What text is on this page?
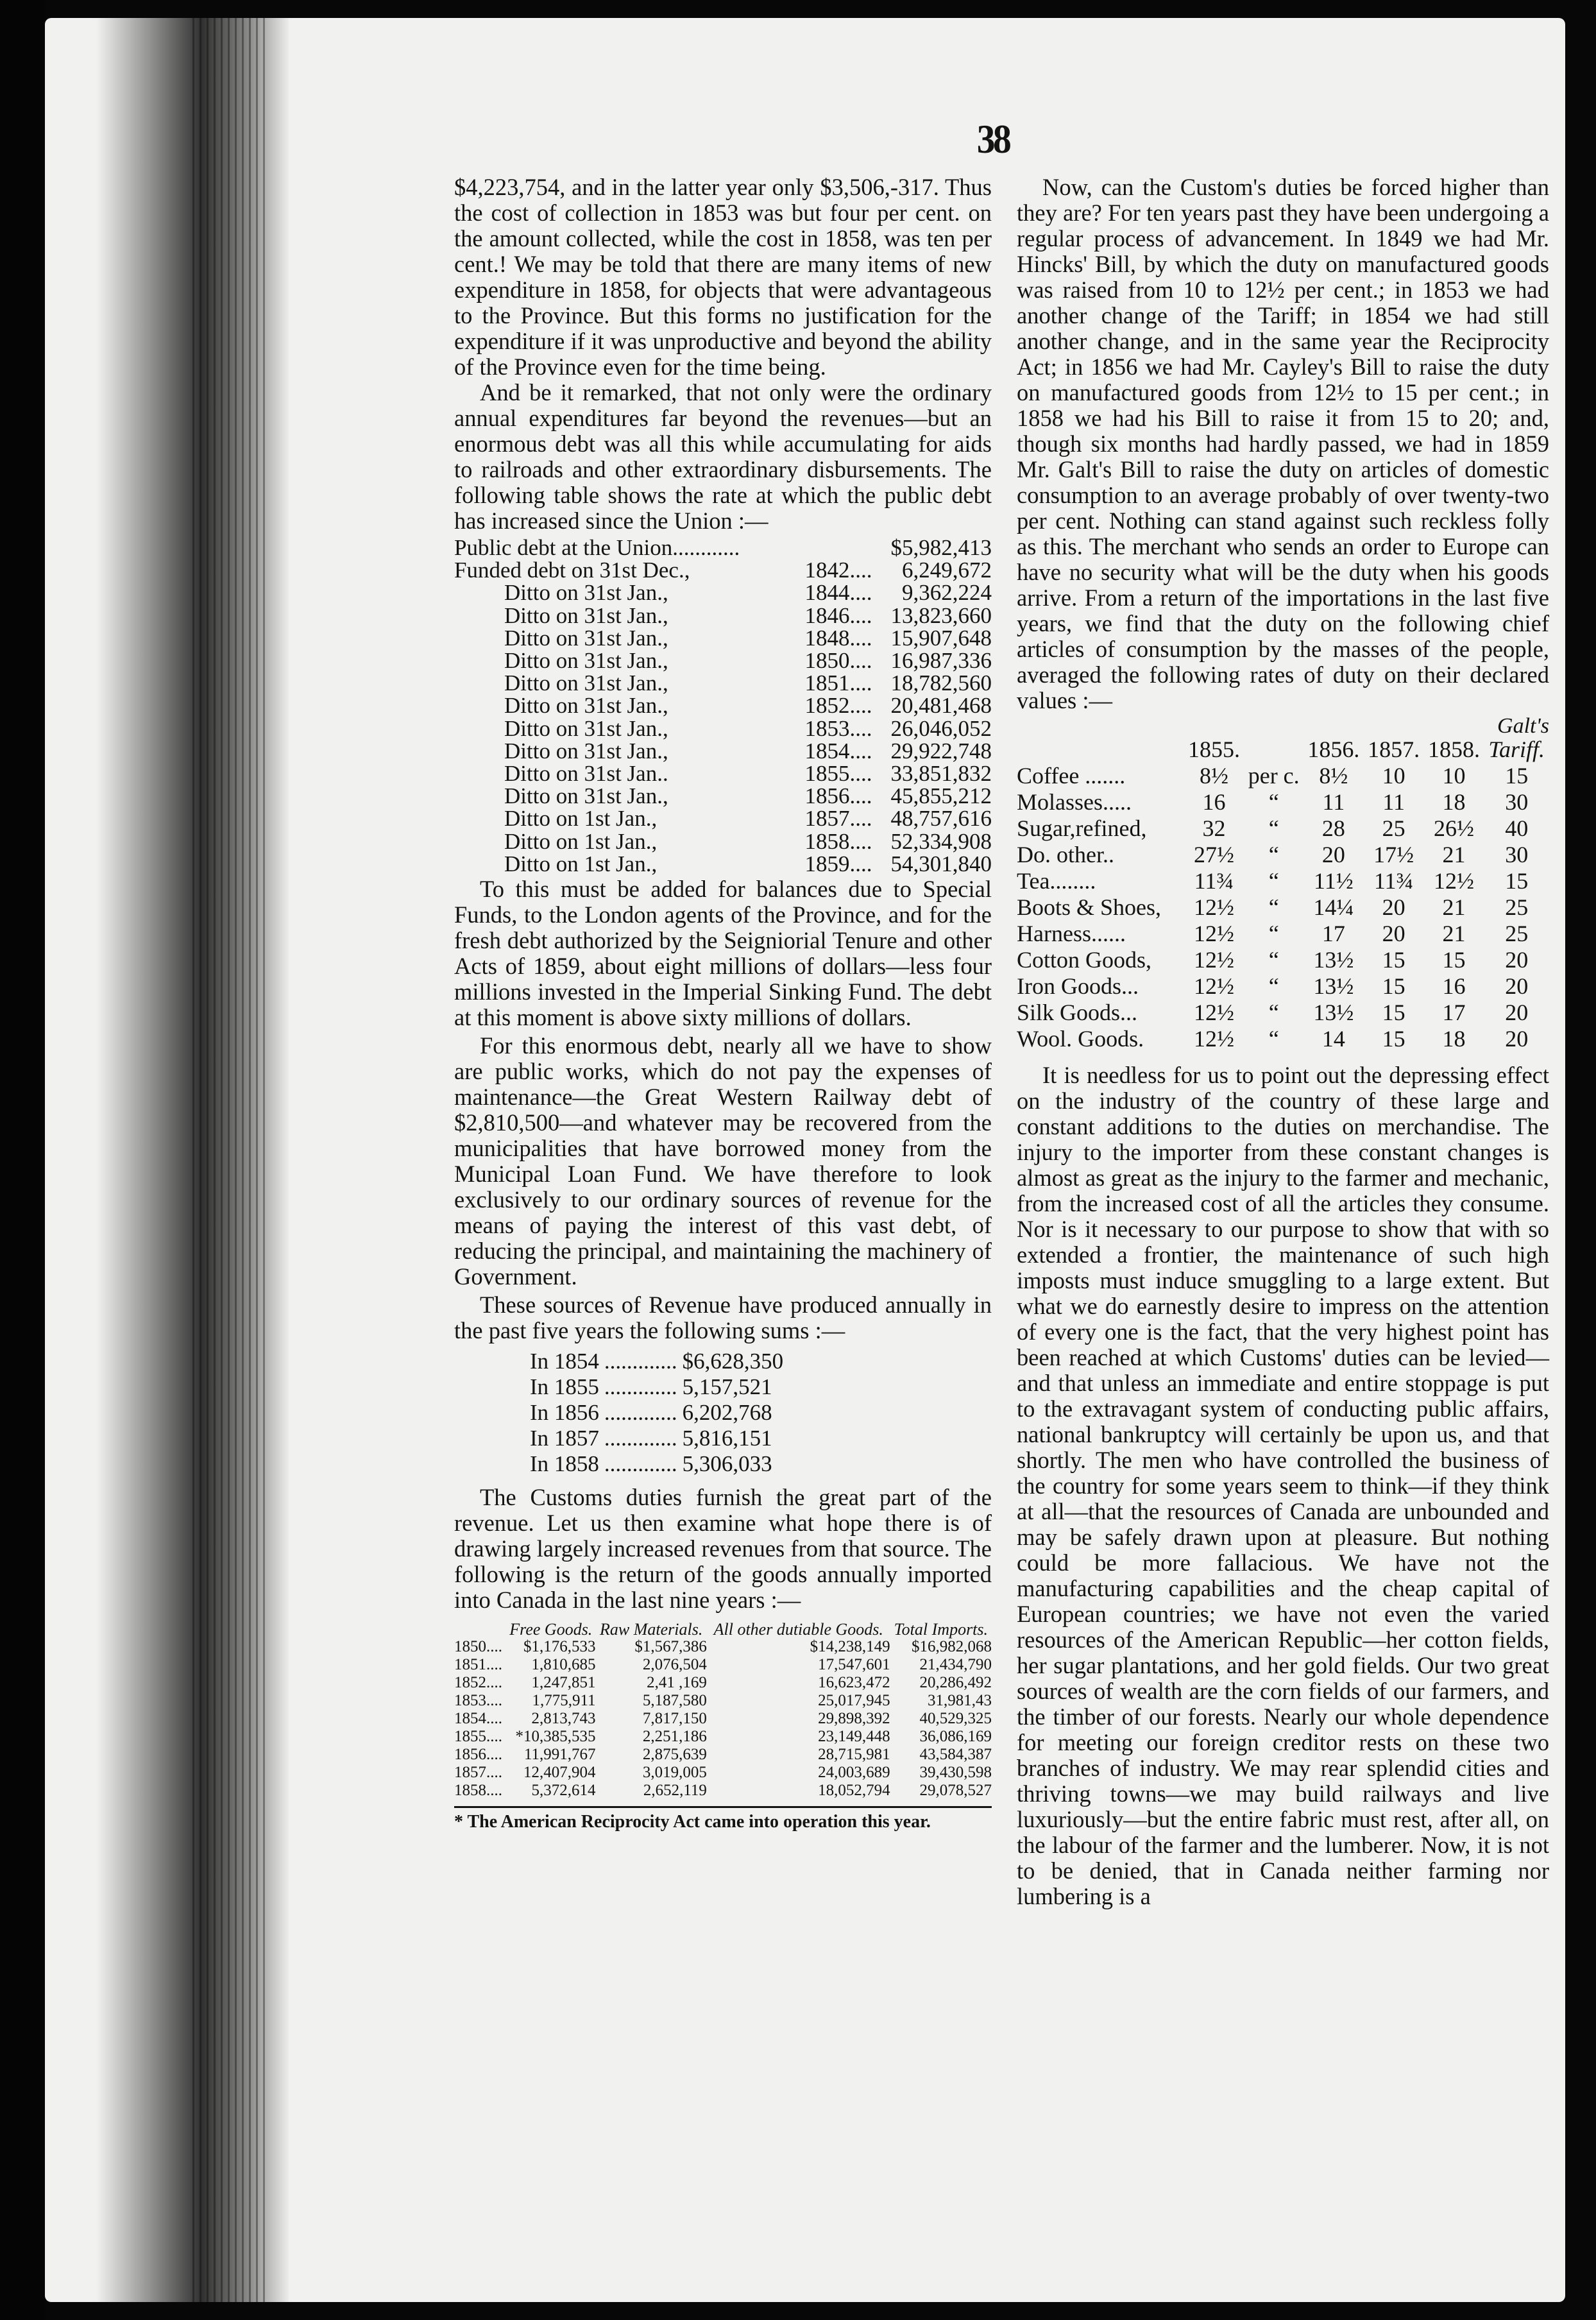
38

$4,223,754, and in the latter year only $3,506,-317. Thus the cost of collection in 1853 was but four per cent. on the amount collected, while the cost in 1858, was ten per cent.! We may be told that there are many items of new expenditure in 1858, for objects that were advantageous to the Province. But this forms no justification for the expenditure if it was unproductive and beyond the ability of the Province even for the time being.

And be it remarked, that not only were the ordinary annual expenditures far beyond the revenues—but an enormous debt was all this while accumulating for aids to railroads and other extraordinary disbursements. The following table shows the rate at which the public debt has increased since the Union :—

Public debt at the Union............		$5,982,413
Funded debt on 31st Dec.,	1842....	6,249,672
Ditto on 31st Jan.,	1844....	9,362,224
Ditto on 31st Jan.,	1846....	13,823,660
Ditto on 31st Jan.,	1848....	15,907,648
Ditto on 31st Jan.,	1850....	16,987,336
Ditto on 31st Jan.,	1851....	18,782,560
Ditto on 31st Jan.,	1852....	20,481,468
Ditto on 31st Jan.,	1853....	26,046,052
Ditto on 31st Jan.,	1854....	29,922,748
Ditto on 31st Jan..	1855....	33,851,832
Ditto on 31st Jan.,	1856....	45,855,212
Ditto on 1st Jan.,	1857....	48,757,616
Ditto on 1st Jan.,	1858....	52,334,908
Ditto on 1st Jan.,	1859....	54,301,840

To this must be added for balances due to Special Funds, to the London agents of the Province, and for the fresh debt authorized by the Seigniorial Tenure and other Acts of 1859, about eight millions of dollars—less four millions invested in the Imperial Sinking Fund. The debt at this moment is above sixty millions of dollars.

For this enormous debt, nearly all we have to show are public works, which do not pay the expenses of maintenance—the Great Western Railway debt of $2,810,500—and whatever may be recovered from the municipalities that have borrowed money from the Municipal Loan Fund. We have therefore to look exclusively to our ordinary sources of revenue for the means of paying the interest of this vast debt, of reducing the principal, and maintaining the machinery of Government.

These sources of Revenue have produced annually in the past five years the following sums :—

In 1854	.............	$6,628,350
In 1855	.............	5,157,521
In 1856	.............	6,202,768
In 1857	.............	5,816,151
In 1858	.............	5,306,033

The Customs duties furnish the great part of the revenue. Let us then examine what hope there is of drawing largely increased revenues from that source. The following is the return of the goods annually imported into Canada in the last nine years :—

	Free Goods.	Raw Materials.	All other dutiable Goods.	Total Imports.
1850....	$1,176,533	$1,567,386	$14,238,149	$16,982,068
1851....	1,810,685	2,076,504	17,547,601	21,434,790
1852....	1,247,851	2,41 ,169	16,623,472	20,286,492
1853....	1,775,911	5,187,580	25,017,945	31,981,43
1854....	2,813,743	7,817,150	29,898,392	40,529,325
1855....	*10,385,535	2,251,186	23,149,448	36,086,169
1856....	11,991,767	2,875,639	28,715,981	43,584,387
1857....	12,407,904	3,019,005	24,003,689	39,430,598
1858....	5,372,614	2,652,119	18,052,794	29,078,527
* The American Reciprocity Act came into operation this year.

Now, can the Custom's duties be forced higher than they are? For ten years past they have been undergoing a regular process of advancement. In 1849 we had Mr. Hincks' Bill, by which the duty on manufactured goods was raised from 10 to 12½ per cent.; in 1853 we had another change of the Tariff; in 1854 we had still another change, and in the same year the Reciprocity Act; in 1856 we had Mr. Cayley's Bill to raise the duty on manufactured goods from 12½ to 15 per cent.; in 1858 we had his Bill to raise it from 15 to 20; and, though six months had hardly passed, we had in 1859 Mr. Galt's Bill to raise the duty on articles of domestic consumption to an average probably of over twenty-two per cent. Nothing can stand against such reckless folly as this. The merchant who sends an order to Europe can have no security what will be the duty when his goods arrive. From a return of the importations in the last five years, we find that the duty on the following chief articles of consumption by the masses of the people, averaged the following rates of duty on their declared values :—

Galt's
	1855.		1856.	1857.	1858.	Tariff.
Coffee .......	8½	per c.	8½	10	10	15
Molasses.....	16	“	11	11	18	30
Sugar,refined,	32	“	28	25	26½	40
Do. other..	27½	“	20	17½	21	30
Tea........	11¾	“	11½	11¾	12½	15
Boots & Shoes,	12½	“	14¼	20	21	25
Harness......	12½	“	17	20	21	25
Cotton Goods,	12½	“	13½	15	15	20
Iron Goods...	12½	“	13½	15	16	20
Silk Goods...	12½	“	13½	15	17	20
Wool. Goods.	12½	“	14	15	18	20

It is needless for us to point out the depressing effect on the industry of the country of these large and constant additions to the duties on merchandise. The injury to the importer from these constant changes is almost as great as the injury to the farmer and mechanic, from the increased cost of all the articles they consume. Nor is it necessary to our purpose to show that with so extended a frontier, the maintenance of such high imposts must induce smuggling to a large extent. But what we do earnestly desire to impress on the attention of every one is the fact, that the very highest point has been reached at which Customs' duties can be levied—and that unless an immediate and entire stoppage is put to the extravagant system of conducting public affairs, national bankruptcy will certainly be upon us, and that shortly. The men who have controlled the business of the country for some years seem to think—if they think at all—that the resources of Canada are unbounded and may be safely drawn upon at pleasure. But nothing could be more fallacious. We have not the manufacturing capabilities and the cheap capital of European countries; we have not even the varied resources of the American Republic—her cotton fields, her sugar plantations, and her gold fields. Our two great sources of wealth are the corn fields of our farmers, and the timber of our forests. Nearly our whole dependence for meeting our foreign creditor rests on these two branches of industry. We may rear splendid cities and thriving towns—we may build railways and live luxuriously—but the entire fabric must rest, after all, on the labour of the farmer and the lumberer. Now, it is not to be denied, that in Canada neither farming nor lumbering is a
